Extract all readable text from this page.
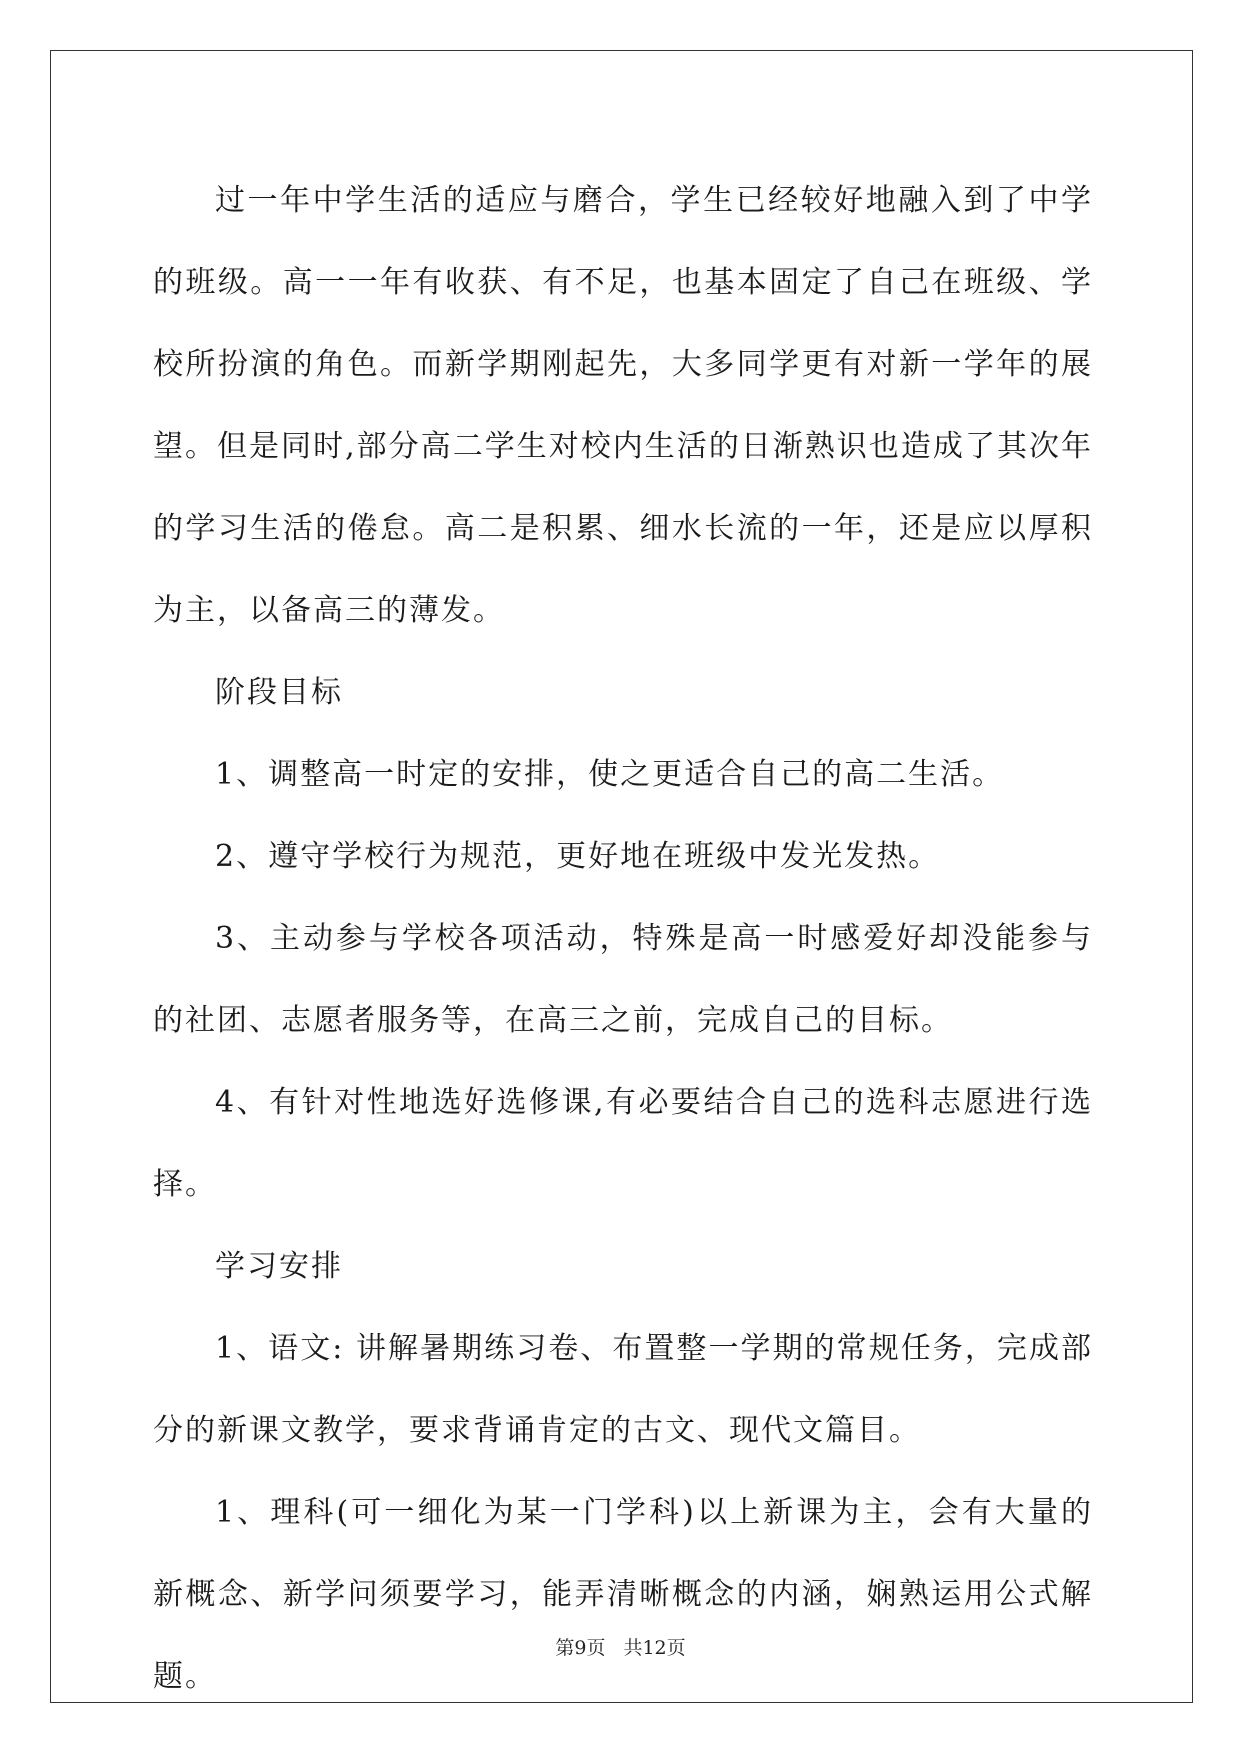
过一年中学生活的适应与磨合，学生已经较好地融入到了中学的班级。高一一年有收获、有不足，也基本固定了自己在班级、学校所扮演的角色。而新学期刚起先，大多同学更有对新一学年的展望。但是同时,部分高二学生对校内生活的日渐熟识也造成了其次年的学习生活的倦怠。高二是积累、细水长流的一年，还是应以厚积为主，以备高三的薄发。

阶段目标

1、调整高一时定的安排，使之更适合自己的高二生活。

2、遵守学校行为规范，更好地在班级中发光发热。

3、主动参与学校各项活动，特殊是高一时感爱好却没能参与的社团、志愿者服务等，在高三之前，完成自己的目标。

4、有针对性地选好选修课,有必要结合自己的选科志愿进行选择。

学习安排

1、语文: 讲解暑期练习卷、布置整一学期的常规任务，完成部分的新课文教学，要求背诵肯定的古文、现代文篇目。

1、理科(可一细化为某一门学科)以上新课为主，会有大量的新概念、新学问须要学习，能弄清晰概念的内涵，娴熟运用公式解题。

第9页 共12页
